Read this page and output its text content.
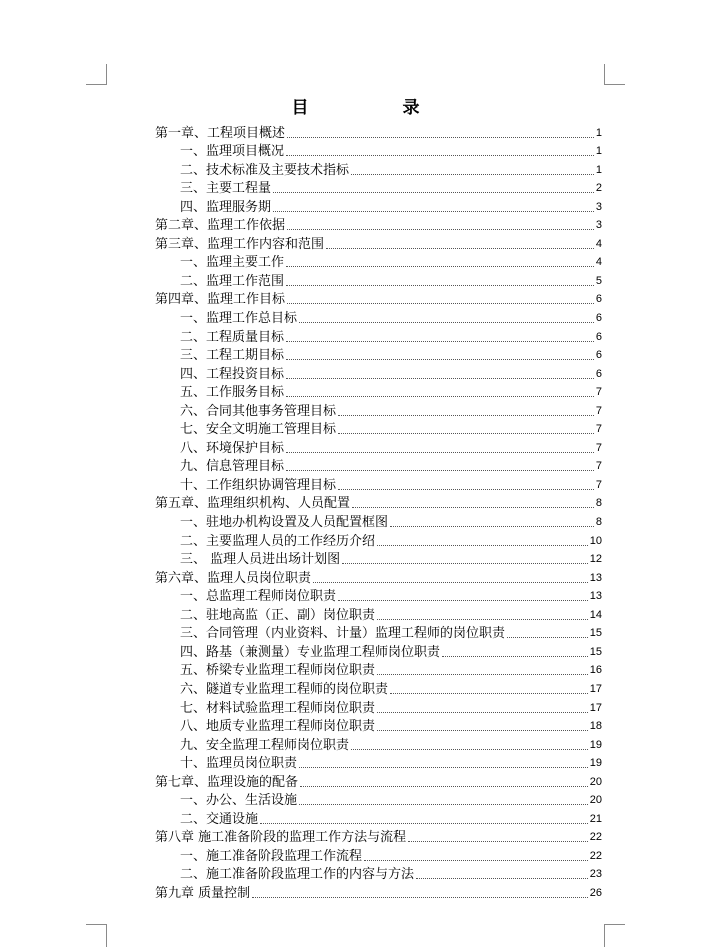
目 录
第一章、工程项目概述	1
一、监理项目概况	1
二、技术标准及主要技术指标	1
三、主要工程量	2
四、监理服务期	3
第二章、监理工作依据	3
第三章、监理工作内容和范围	4
一、监理主要工作	4
二、监理工作范围	5
第四章、监理工作目标	6
一、监理工作总目标	6
二、工程质量目标	6
三、工程工期目标	6
四、工程投资目标	6
五、工作服务目标	7
六、合同其他事务管理目标	7
七、安全文明施工管理目标	7
八、环境保护目标	7
九、信息管理目标	7
十、工作组织协调管理目标	7
第五章、监理组织机构、人员配置	8
一、驻地办机构设置及人员配置框图	8
二、主要监理人员的工作经历介绍	10
三、 监理人员进出场计划图	12
第六章、监理人员岗位职责	13
一、总监理工程师岗位职责	13
二、驻地高监（正、副）岗位职责	14
三、合同管理（内业资料、计量）监理工程师的岗位职责	15
四、路基（兼测量）专业监理工程师岗位职责	15
五、桥梁专业监理工程师岗位职责	16
六、隧道专业监理工程师的岗位职责	17
七、材料试验监理工程师岗位职责	17
八、地质专业监理工程师岗位职责	18
九、安全监理工程师岗位职责	19
十、监理员岗位职责	19
第七章、监理设施的配备	20
一、办公、生活设施	20
二、交通设施	21
第八章 施工准备阶段的监理工作方法与流程	22
一、施工准备阶段监理工作流程	22
二、施工准备阶段监理工作的内容与方法	23
第九章 质量控制	26
